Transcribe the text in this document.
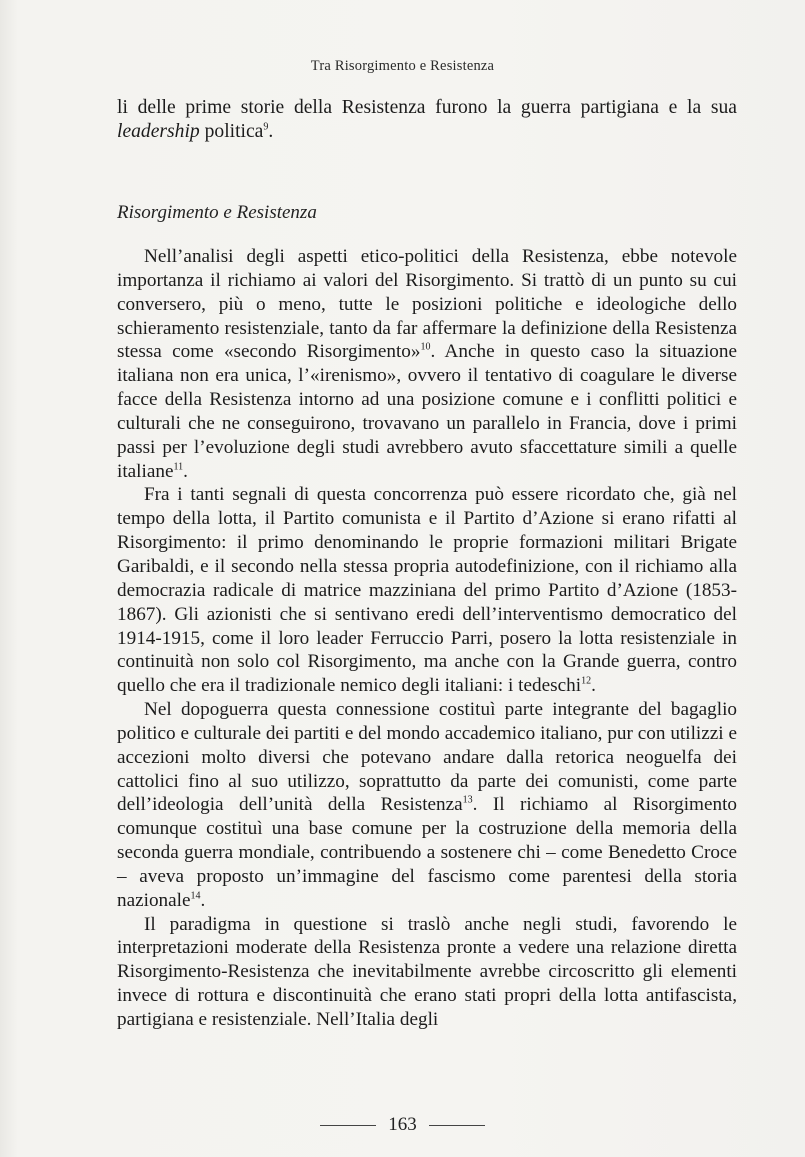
Tra Risorgimento e Resistenza

li delle prime storie della Resistenza furono la guerra partigiana e la sua leadership politica$^9$.

Risorgimento e Resistenza

Nell’analisi degli aspetti etico-politici della Resistenza, ebbe notevole importanza il richiamo ai valori del Risorgimento. Si trattò di un punto su cui conversero, più o meno, tutte le posizioni politiche e ideologiche dello schieramento resistenziale, tanto da far affermare la definizione della Resistenza stessa come «secondo Risorgimento»$^{10}$. Anche in questo caso la situazione italiana non era unica, l’«irenismo», ovvero il tentativo di coagulare le diverse facce della Resistenza intorno ad una posizione comune e i conflitti politici e culturali che ne conseguirono, trovavano un parallelo in Francia, dove i primi passi per l’evoluzione degli studi avrebbero avuto sfaccettature simili a quelle italiane$^{11}$.

Fra i tanti segnali di questa concorrenza può essere ricordato che, già nel tempo della lotta, il Partito comunista e il Partito d’Azione si erano rifatti al Risorgimento: il primo denominando le proprie formazioni militari Brigate Garibaldi, e il secondo nella stessa propria autodefinizione, con il richiamo alla democrazia radicale di matrice mazziniana del primo Partito d’Azione (1853-1867). Gli azionisti che si sentivano eredi dell’interventismo democratico del 1914-1915, come il loro leader Ferruccio Parri, posero la lotta resistenziale in continuità non solo col Risorgimento, ma anche con la Grande guerra, contro quello che era il tradizionale nemico degli italiani: i tedeschi$^{12}$.

Nel dopoguerra questa connessione costituì parte integrante del bagaglio politico e culturale dei partiti e del mondo accademico italiano, pur con utilizzi e accezioni molto diversi che potevano andare dalla retorica neoguelfa dei cattolici fino al suo utilizzo, soprattutto da parte dei comunisti, come parte dell’ideologia dell’unità della Resistenza$^{13}$. Il richiamo al Risorgimento comunque costituì una base comune per la costruzione della memoria della seconda guerra mondiale, contribuendo a sostenere chi – come Benedetto Croce – aveva proposto un’immagine del fascismo come parentesi della storia nazionale$^{14}$.

Il paradigma in questione si traslò anche negli studi, favorendo le interpretazioni moderate della Resistenza pronte a vedere una relazione diretta Risorgimento-Resistenza che inevitabilmente avrebbe circoscritto gli elementi invece di rottura e discontinuità che erano stati propri della lotta antifascista, partigiana e resistenziale. Nell’Italia degli

163
